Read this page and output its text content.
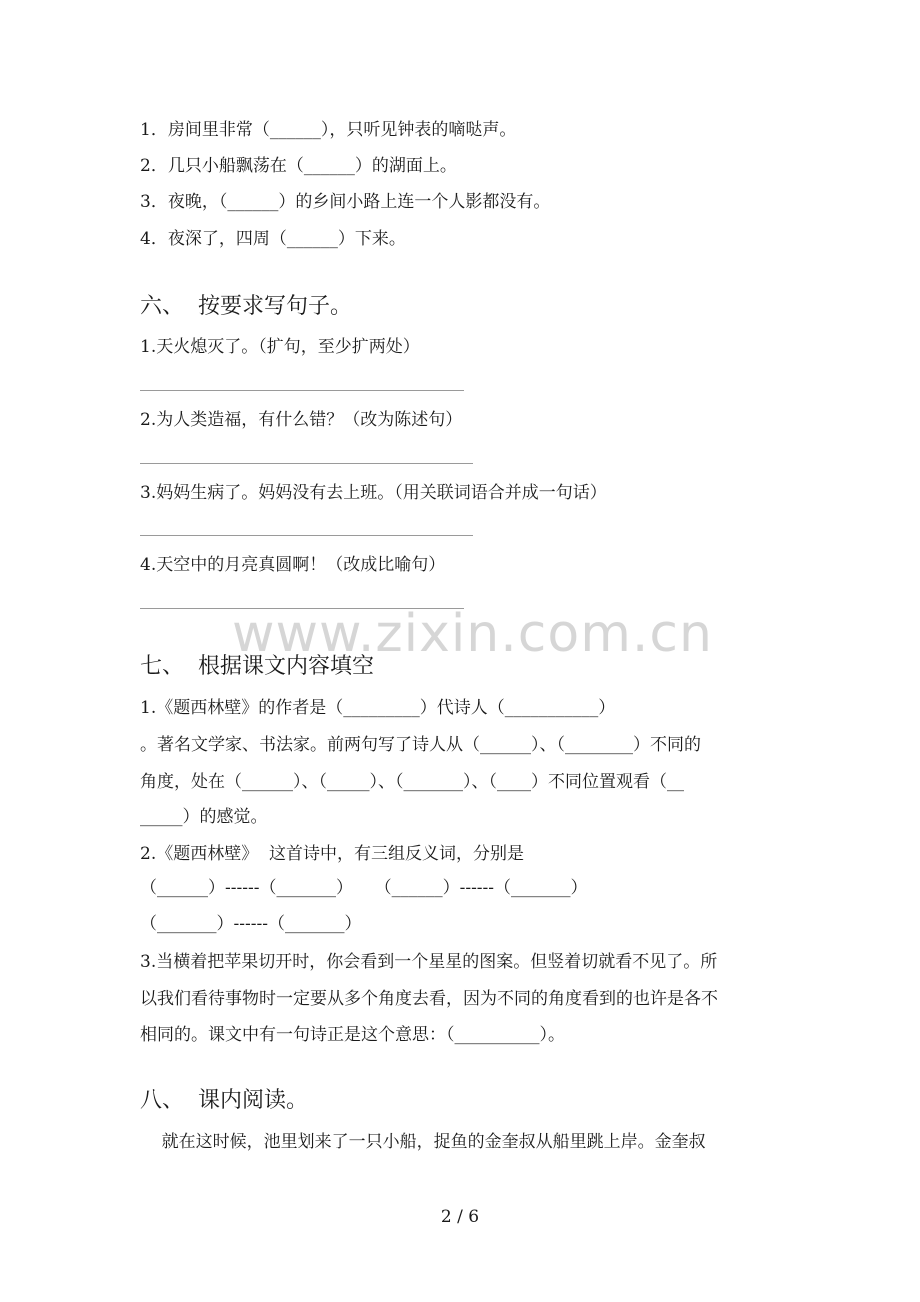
www.zixin.com.cn
1．房间里非常（______），只听见钟表的嘀哒声。
2．几只小船飘荡在（______）的湖面上。
3．夜晚，（______）的乡间小路上连一个人影都没有。
4．夜深了，四周（______）下来。
六、  按要求写句子。
1.天火熄灭了。（扩句，至少扩两处）
2.为人类造福，有什么错？（改为陈述句）
3.妈妈生病了。妈妈没有去上班。（用关联词语合并成一句话）
4.天空中的月亮真圆啊！（改成比喻句）
七、  根据课文内容填空
1.《题西林壁》的作者是（_________）代诗人（___________）
。著名文学家、书法家。前两句写了诗人从（______）、（________）不同的
角度，处在（______）、（_____）、（_______）、（____）不同位置观看（__
_____）的感觉。
2.《题西林壁》  这首诗中，有三组反义词，分别是
（______）------（_______）    （______）------（_______）
（_______）------（_______）
3.当横着把苹果切开时，你会看到一个星星的图案。但竖着切就看不见了。所
以我们看待事物时一定要从多个角度去看，因为不同的角度看到的也许是各不
相同的。课文中有一句诗正是这个意思：（__________）。
八、  课内阅读。
就在这时候，池里划来了一只小船，捉鱼的金奎叔从船里跳上岸。金奎叔
2 / 6
